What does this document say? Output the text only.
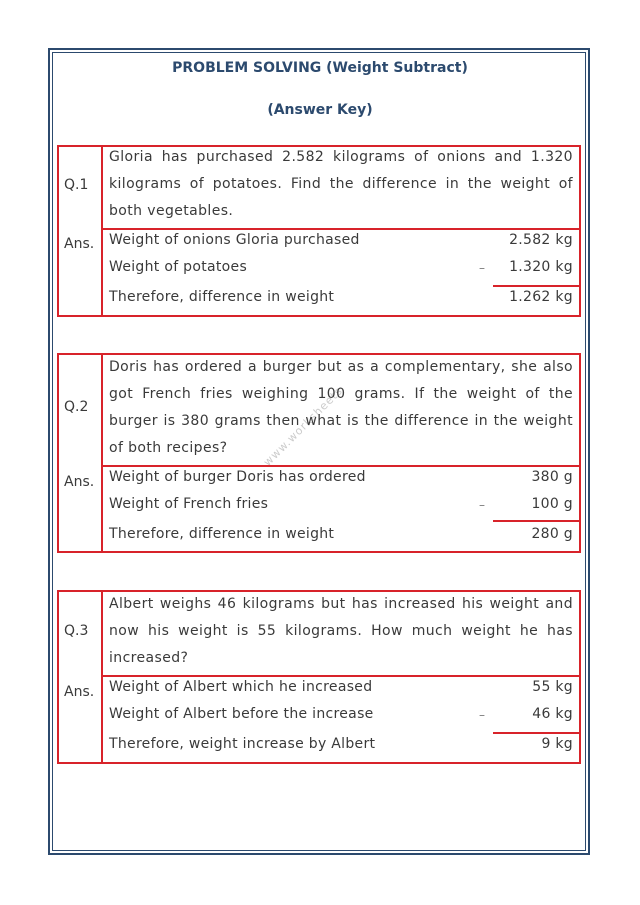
PROBLEM SOLVING (Weight Subtract)
(Answer Key)
www.worksheets
Q.1
Gloria has purchased 2.582 kilograms of onions and 1.320 kilograms of potatoes. Find the difference in the weight of both vegetables.
Ans. Weight of onions Gloria purchased	2.582 kg
Weight of potatoes	1.320 kg
–
Therefore, difference in weight	1.262 kg
Q.2
Doris has ordered a burger but as a complementary, she also got French fries weighing 100 grams. If the weight of the burger is 380 grams then what is the difference in the weight of both recipes?
Ans. Weight of burger Doris has ordered	380 g
Weight of French fries	100 g
–
Therefore, difference in weight	280 g
Q.3
Albert weighs 46 kilograms but has increased his weight and now his weight is 55 kilograms. How much weight he has increased?
Ans. Weight of Albert which he increased	55 kg
Weight of Albert before the increase	46 kg
–
Therefore, weight increase by Albert	9 kg
